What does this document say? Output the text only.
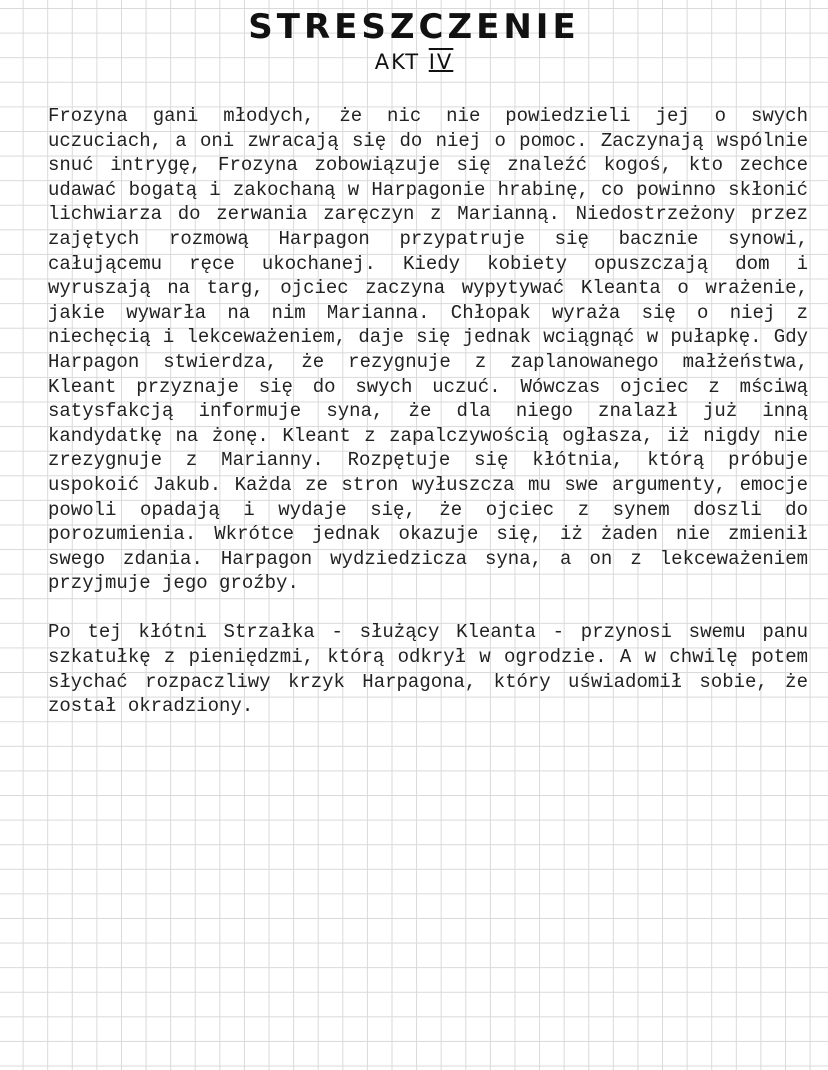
STRESZCZENIE
AKT IV

Frozyna gani młodych, że nic nie powiedzieli jej o swych uczuciach, a oni zwracają się do niej o pomoc. Zaczynają wspólnie snuć intrygę, Frozyna zobowiązuje się znaleźć kogoś, kto zechce udawać bogatą i zakochaną w Harpagonie hrabinę, co powinno skłonić lichwiarza do zerwania zaręczyn z Marianną. Niedostrzeżony przez zajętych rozmową Harpagon przypatruje się bacznie synowi, całującemu ręce ukochanej. Kiedy kobiety opuszczają dom i wyruszają na targ, ojciec zaczyna wypytywać Kleanta o wrażenie, jakie wywarła na nim Marianna. Chłopak wyraża się o niej z niechęcią i lekceważeniem, daje się jednak wciągnąć w pułapkę. Gdy Harpagon stwierdza, że rezygnuje z zaplanowanego małżeństwa, Kleant przyznaje się do swych uczuć. Wówczas ojciec z mściwą satysfakcją informuje syna, że dla niego znalazł już inną kandydatkę na żonę. Kleant z zapalczywością ogłasza, iż nigdy nie zrezygnuje z Marianny. Rozpętuje się kłótnia, którą próbuje uspokoić Jakub. Każda ze stron wyłuszcza mu swe argumenty, emocje powoli opadają i wydaje się, że ojciec z synem doszli do porozumienia. Wkrótce jednak okazuje się, iż żaden nie zmienił swego zdania. Harpagon wydziedzicza syna, a on z lekceważeniem przyjmuje jego groźby.

Po tej kłótni Strzałka - służący Kleanta - przynosi swemu panu szkatułkę z pieniędzmi, którą odkrył w ogrodzie. A w chwilę potem słychać rozpaczliwy krzyk Harpagona, który uświadomił sobie, że został okradziony.
